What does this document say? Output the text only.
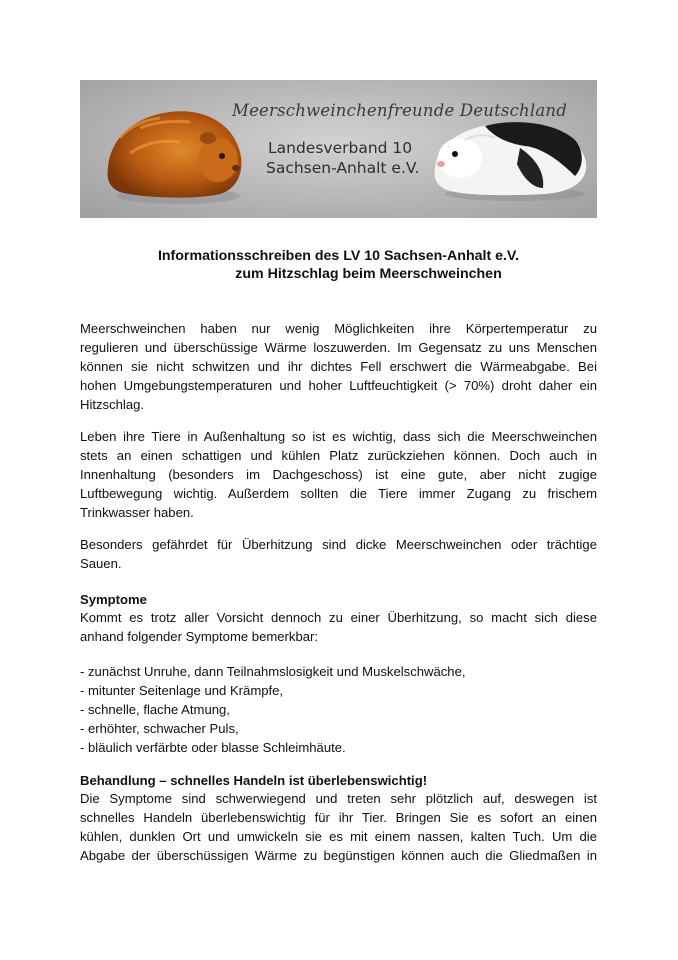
Meerschweinchenfreunde Deutschland
Landesverband 10
Sachsen-Anhalt e.V.
Informationsschreiben des LV 10 Sachsen-Anhalt e.V.
zum Hitzschlag beim Meerschweinchen
Meerschweinchen haben nur wenig Möglichkeiten ihre Körpertemperatur zu
regulieren und überschüssige Wärme loszuwerden. Im Gegensatz zu uns Menschen
können sie nicht schwitzen und ihr dichtes Fell erschwert die Wärmeabgabe. Bei
hohen Umgebungstemperaturen und hoher Luftfeuchtigkeit (> 70%) droht daher ein
Hitzschlag.
Leben ihre Tiere in Außenhaltung so ist es wichtig, dass sich die Meerschweinchen
stets an einen schattigen und kühlen Platz zurückziehen können. Doch auch in
Innenhaltung (besonders im Dachgeschoss) ist eine gute, aber nicht zugige
Luftbewegung wichtig. Außerdem sollten die Tiere immer Zugang zu frischem
Trinkwasser haben.
Besonders gefährdet für Überhitzung sind dicke Meerschweinchen oder trächtige
Sauen.
Symptome
Kommt es trotz aller Vorsicht dennoch zu einer Überhitzung, so macht sich diese
anhand folgender Symptome bemerkbar:
- zunächst Unruhe, dann Teilnahmslosigkeit und Muskelschwäche,
- mitunter Seitenlage und Krämpfe,
- schnelle, flache Atmung,
- erhöhter, schwacher Puls,
- bläulich verfärbte oder blasse Schleimhäute.
Behandlung – schnelles Handeln ist überlebenswichtig!
Die Symptome sind schwerwiegend und treten sehr plötzlich auf, deswegen ist
schnelles Handeln überlebenswichtig für ihr Tier. Bringen Sie es sofort an einen
kühlen, dunklen Ort und umwickeln sie es mit einem nassen, kalten Tuch. Um die
Abgabe der überschüssigen Wärme zu begünstigen können auch die Gliedmaßen in
